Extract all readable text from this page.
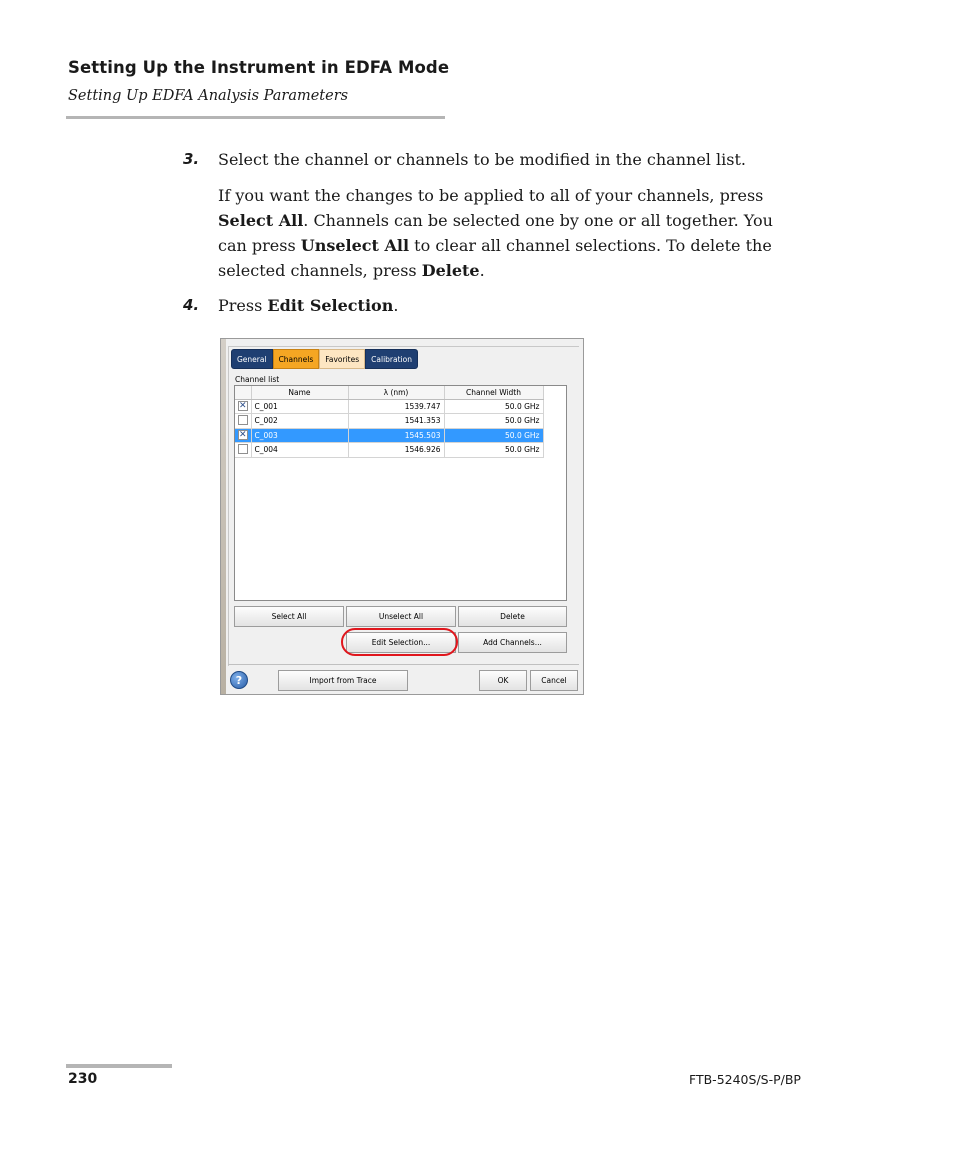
Setting Up the Instrument in EDFA Mode
Setting Up EDFA Analysis Parameters
3. Select the channel or channels to be modified in the channel list.
If you want the changes to be applied to all of your channels, press Select All. Channels can be selected one by one or all together. You can press Unselect All to clear all channel selections. To delete the selected channels, press Delete.
4. Press Edit Selection.
General	Channels	Favorites	Calibration
Channel list
	Name	λ (nm)	Channel Width
✕	C_001	1539.747	50.0 GHz
	C_002	1541.353	50.0 GHz
✕	C_003	1545.503	50.0 GHz
	C_004	1546.926	50.0 GHz
Select All	Unselect All	Delete
Edit Selection...	Add Channels...
?	Import from Trace	OK	Cancel
230	FTB-5240S/S-P/BP
